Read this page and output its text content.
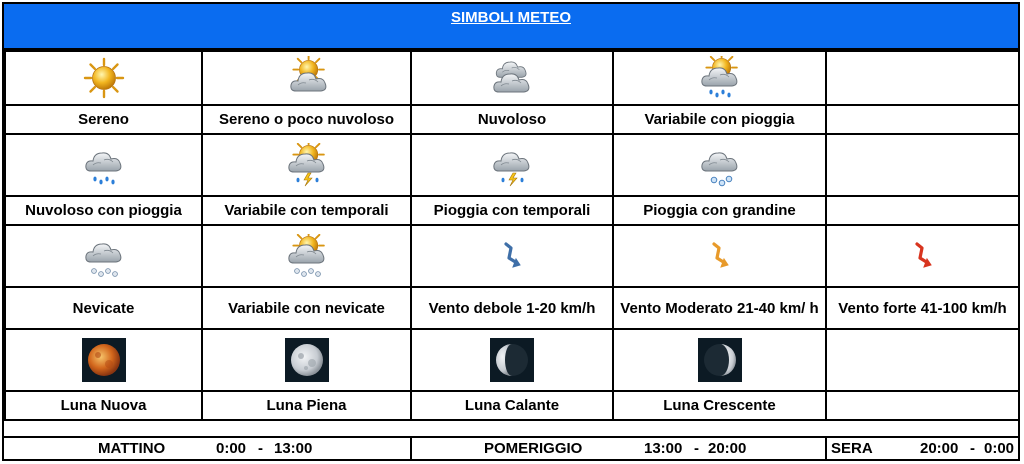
SIMBOLI METEO

Sereno	Sereno o poco nuvoloso	Nuvoloso	Variabile con pioggia	

Nuvoloso con pioggia	Variabile con temporali	Pioggia con temporali	Pioggia con grandine	

Nevicate	Variabile con nevicate	Vento debole 1-20 km/h	Vento Moderato 21-40 km/ h	Vento forte 41-100 km/h

Luna Nuova	Luna Piena	Luna Calante	Luna Crescente	
MATTINO	0:00 - 13:00	POMERIGGIO	13:00 - 20:00	SERA	20:00 - 0:00
